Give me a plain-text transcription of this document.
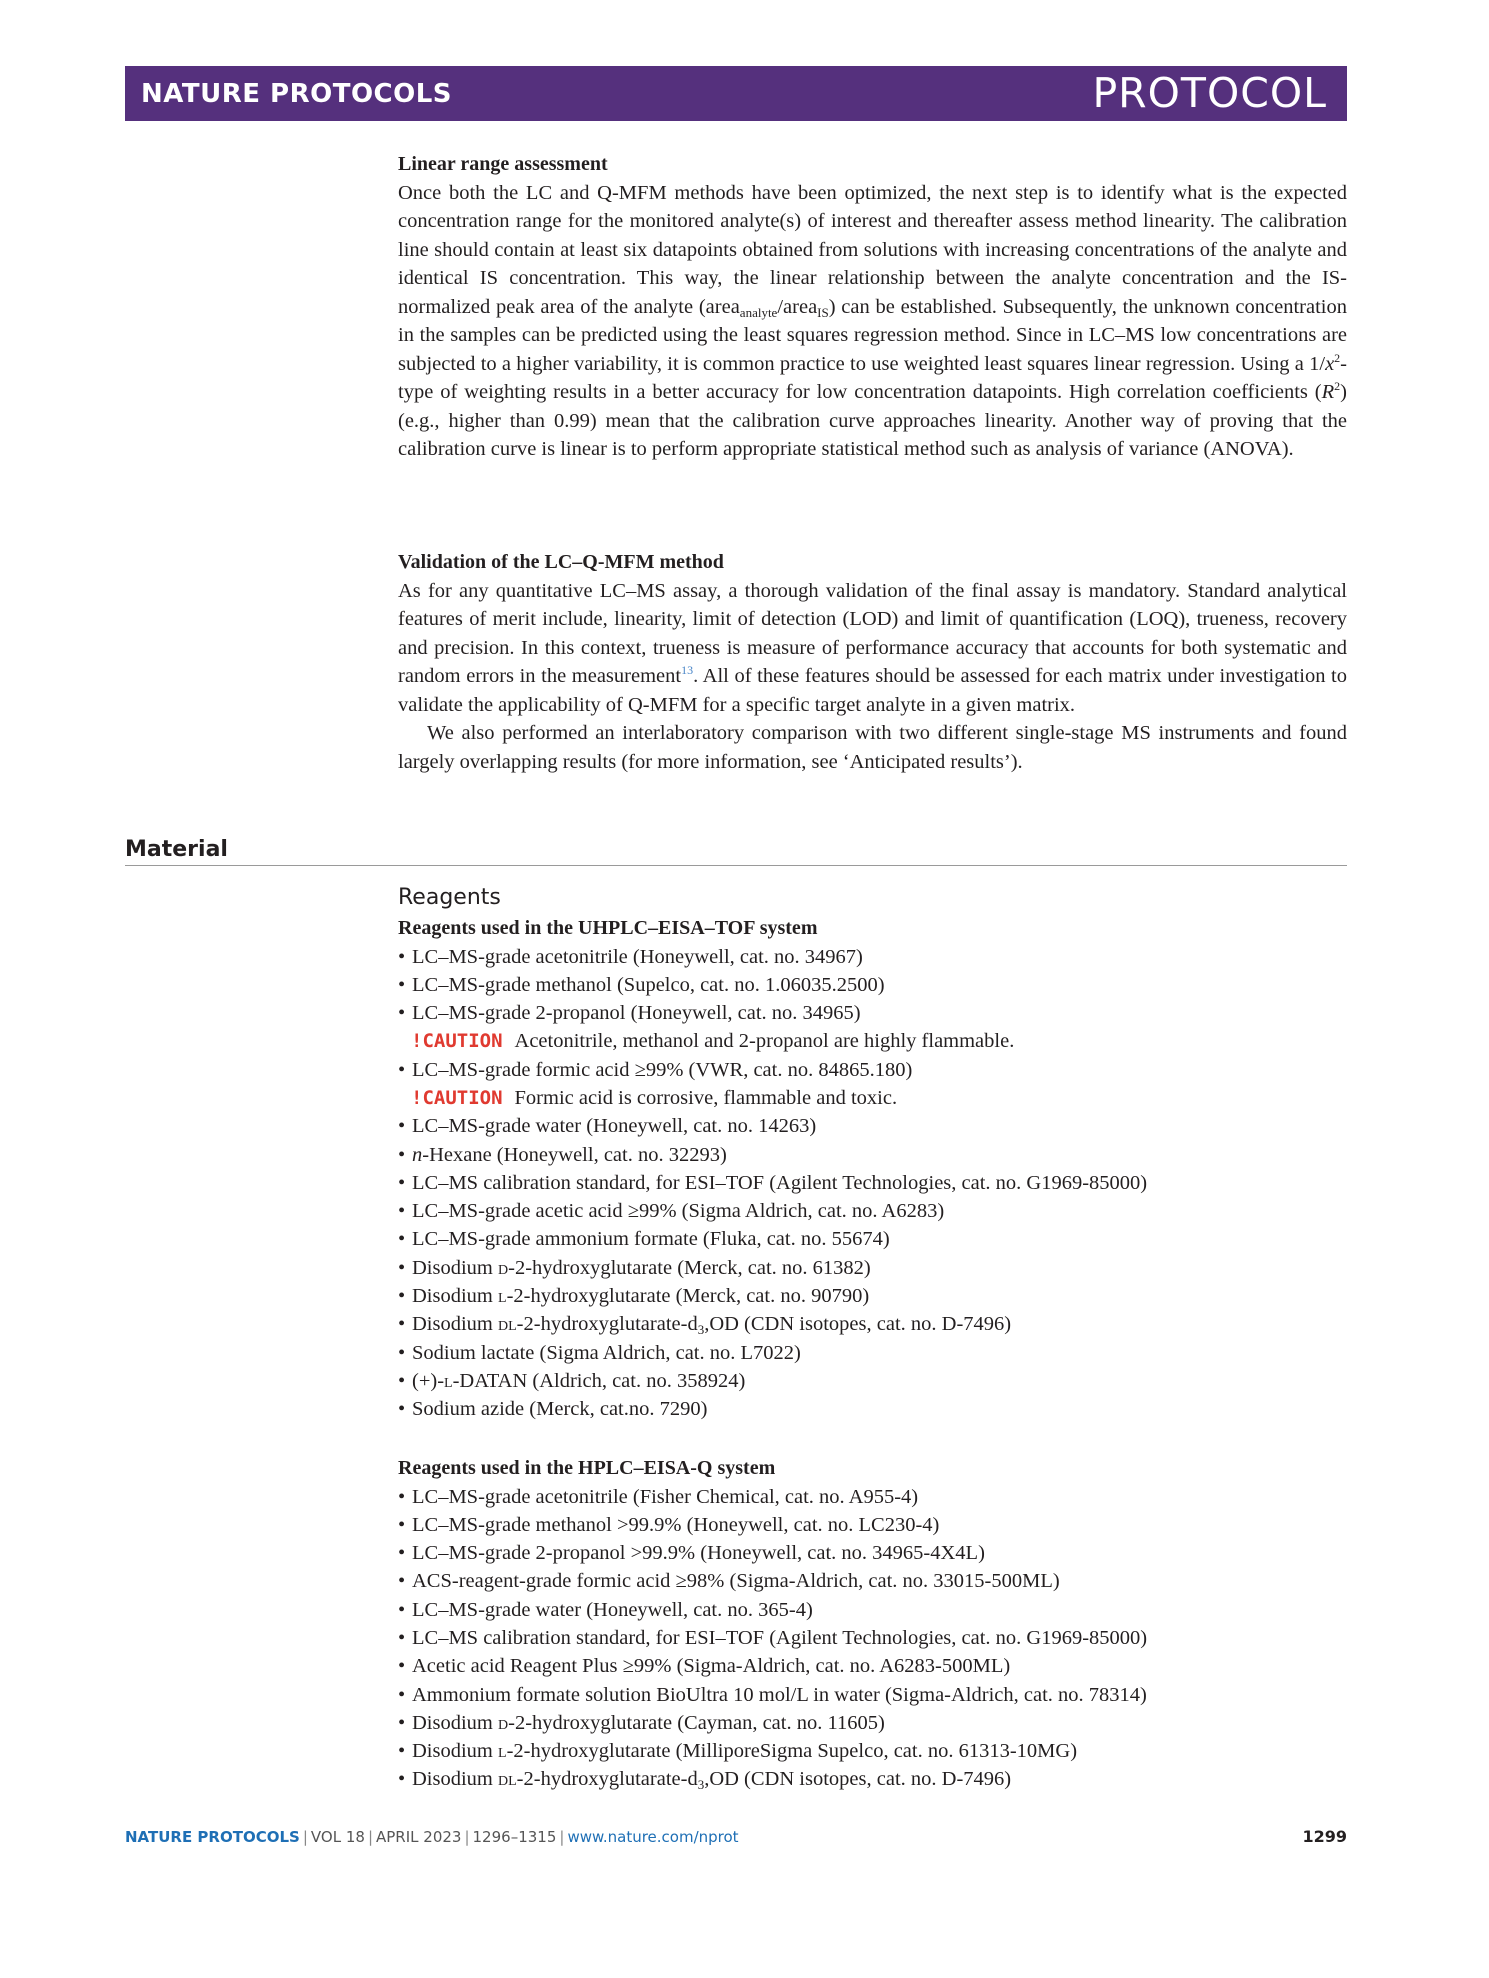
NATURE PROTOCOLS	PROTOCOL
Linear range assessment

Once both the LC and Q-MFM methods have been optimized, the next step is to identify what is the expected concentration range for the monitored analyte(s) of interest and thereafter assess method linearity. The calibration line should contain at least six datapoints obtained from solutions with increasing concentrations of the analyte and identical IS concentration. This way, the linear relationship between the analyte concentration and the IS-normalized peak area of the analyte (area$_{analyte}$/area$_{IS}$) can be established. Subsequently, the unknown concentration in the samples can be predicted using the least squares regression method. Since in LC–MS low concentrations are subjected to a higher variability, it is common practice to use weighted least squares linear regression. Using a $1/x^2$-type of weighting results in a better accuracy for low concentration datapoints. High correlation coefficients $(R^2)$ (e.g., higher than 0.99) mean that the calibration curve approaches linearity. Another way of proving that the calibration curve is linear is to perform appropriate statistical method such as analysis of variance (ANOVA).

Validation of the LC–Q-MFM method

As for any quantitative LC–MS assay, a thorough validation of the final assay is mandatory. Standard analytical features of merit include, linearity, limit of detection (LOD) and limit of quantification (LOQ), trueness, recovery and precision. In this context, trueness is measure of performance accuracy that accounts for both systematic and random errors in the measurement$^{13}$. All of these features should be assessed for each matrix under investigation to validate the applicability of Q-MFM for a specific target analyte in a given matrix.

We also performed an interlaboratory comparison with two different single-stage MS instruments and found largely overlapping results (for more information, see ‘Anticipated results’).

Material
Reagents
Reagents used in the UHPLC–EISA–TOF system
• LC–MS-grade acetonitrile (Honeywell, cat. no. 34967)
• LC–MS-grade methanol (Supelco, cat. no. 1.06035.2500)
• LC–MS-grade 2-propanol (Honeywell, cat. no. 34965)
!CAUTION Acetonitrile, methanol and 2-propanol are highly flammable.
• LC–MS-grade formic acid ≥99% (VWR, cat. no. 84865.180)
!CAUTION Formic acid is corrosive, flammable and toxic.
• LC–MS-grade water (Honeywell, cat. no. 14263)
• n-Hexane (Honeywell, cat. no. 32293)
• LC–MS calibration standard, for ESI–TOF (Agilent Technologies, cat. no. G1969-85000)
• LC–MS-grade acetic acid ≥99% (Sigma Aldrich, cat. no. A6283)
• LC–MS-grade ammonium formate (Fluka, cat. no. 55674)
• Disodium d-2-hydroxyglutarate (Merck, cat. no. 61382)
• Disodium l-2-hydroxyglutarate (Merck, cat. no. 90790)
• Disodium $dl-2-hydroxyglutarate-d_3,OD$ (CDN isotopes, cat. no. D-7496)
• Sodium lactate (Sigma Aldrich, cat. no. L7022)
• (+)-l-DATAN (Aldrich, cat. no. 358924)
• Sodium azide (Merck, cat.no. 7290)
Reagents used in the HPLC–EISA-Q system
• LC–MS-grade acetonitrile (Fisher Chemical, cat. no. A955-4)
• LC–MS-grade methanol >99.9% (Honeywell, cat. no. LC230-4)
• LC–MS-grade 2-propanol >99.9% (Honeywell, cat. no. 34965-4X4L)
• ACS-reagent-grade formic acid ≥98% (Sigma-Aldrich, cat. no. 33015-500ML)
• LC–MS-grade water (Honeywell, cat. no. 365-4)
• LC–MS calibration standard, for ESI–TOF (Agilent Technologies, cat. no. G1969-85000)
• Acetic acid Reagent Plus ≥99% (Sigma-Aldrich, cat. no. A6283-500ML)
• Ammonium formate solution BioUltra 10 mol/L in water (Sigma-Aldrich, cat. no. 78314)
• Disodium d-2-hydroxyglutarate (Cayman, cat. no. 11605)
• Disodium l-2-hydroxyglutarate (MilliporeSigma Supelco, cat. no. 61313-10MG)
• Disodium $dl-2-hydroxyglutarate-d_3,OD$ (CDN isotopes, cat. no. D-7496)
NATURE PROTOCOLS | VOL 18 | APRIL 2023 | 1296–1315 | www.nature.com/nprot	1299
